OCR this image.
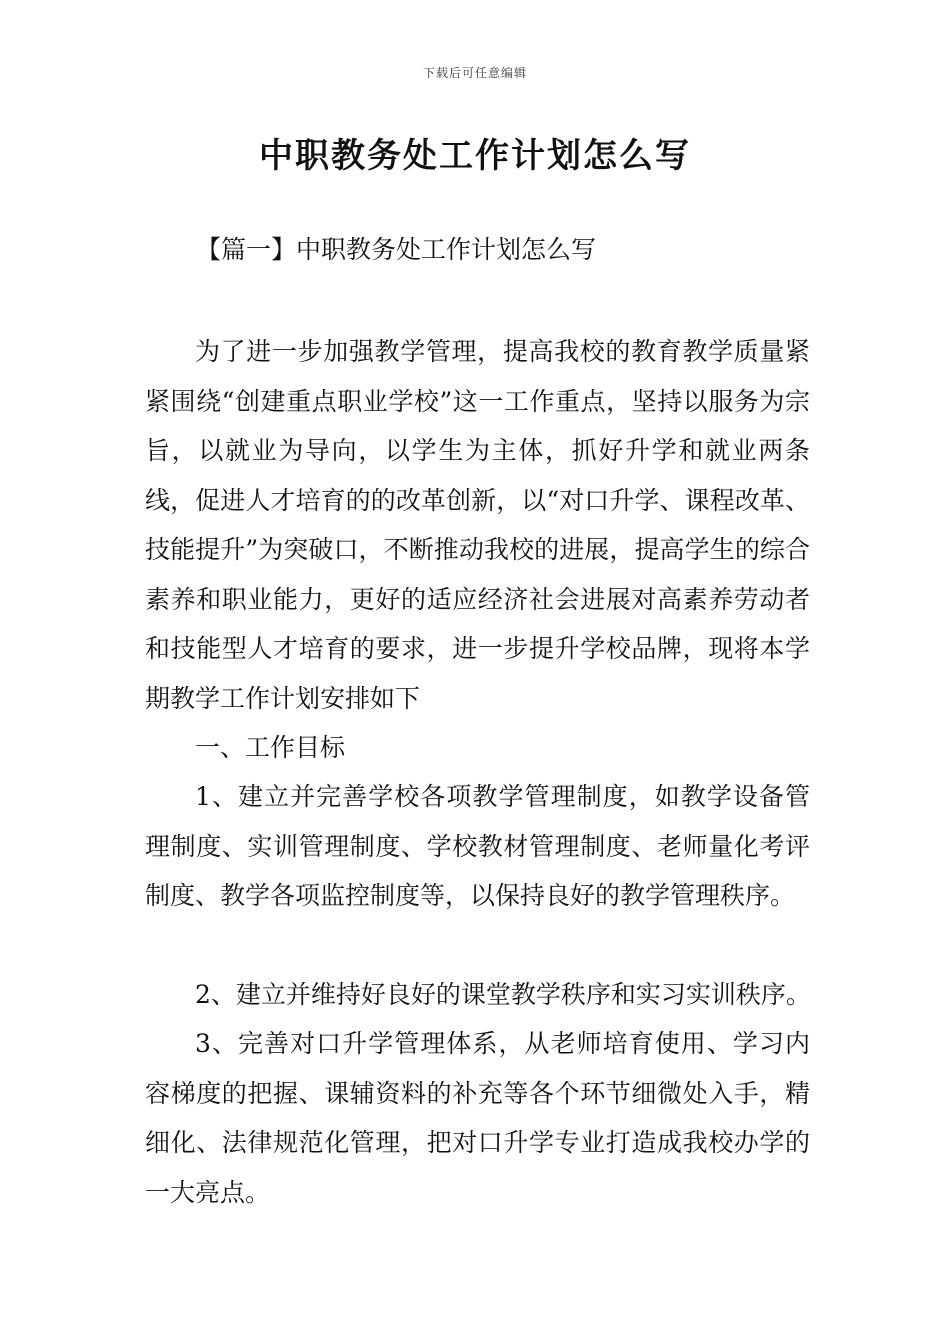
下载后可任意编辑
中职教务处工作计划怎么写
【篇一】中职教务处工作计划怎么写

为了进一步加强教学管理，提高我校的教育教学质量紧紧围绕“创建重点职业学校”这一工作重点，坚持以服务为宗旨，以就业为导向，以学生为主体，抓好升学和就业两条线，促进人才培育的的改革创新，以“对口升学、课程改革、技能提升”为突破口，不断推动我校的进展，提高学生的综合素养和职业能力，更好的适应经济社会进展对高素养劳动者和技能型人才培育的要求，进一步提升学校品牌，现将本学期教学工作计划安排如下

一、工作目标

1、建立并完善学校各项教学管理制度，如教学设备管理制度、实训管理制度、学校教材管理制度、老师量化考评制度、教学各项监控制度等，以保持良好的教学管理秩序。

2、建立并维持好良好的课堂教学秩序和实习实训秩序。

3、完善对口升学管理体系，从老师培育使用、学习内容梯度的把握、课辅资料的补充等各个环节细微处入手，精细化、法律规范化管理，把对口升学专业打造成我校办学的一大亮点。
